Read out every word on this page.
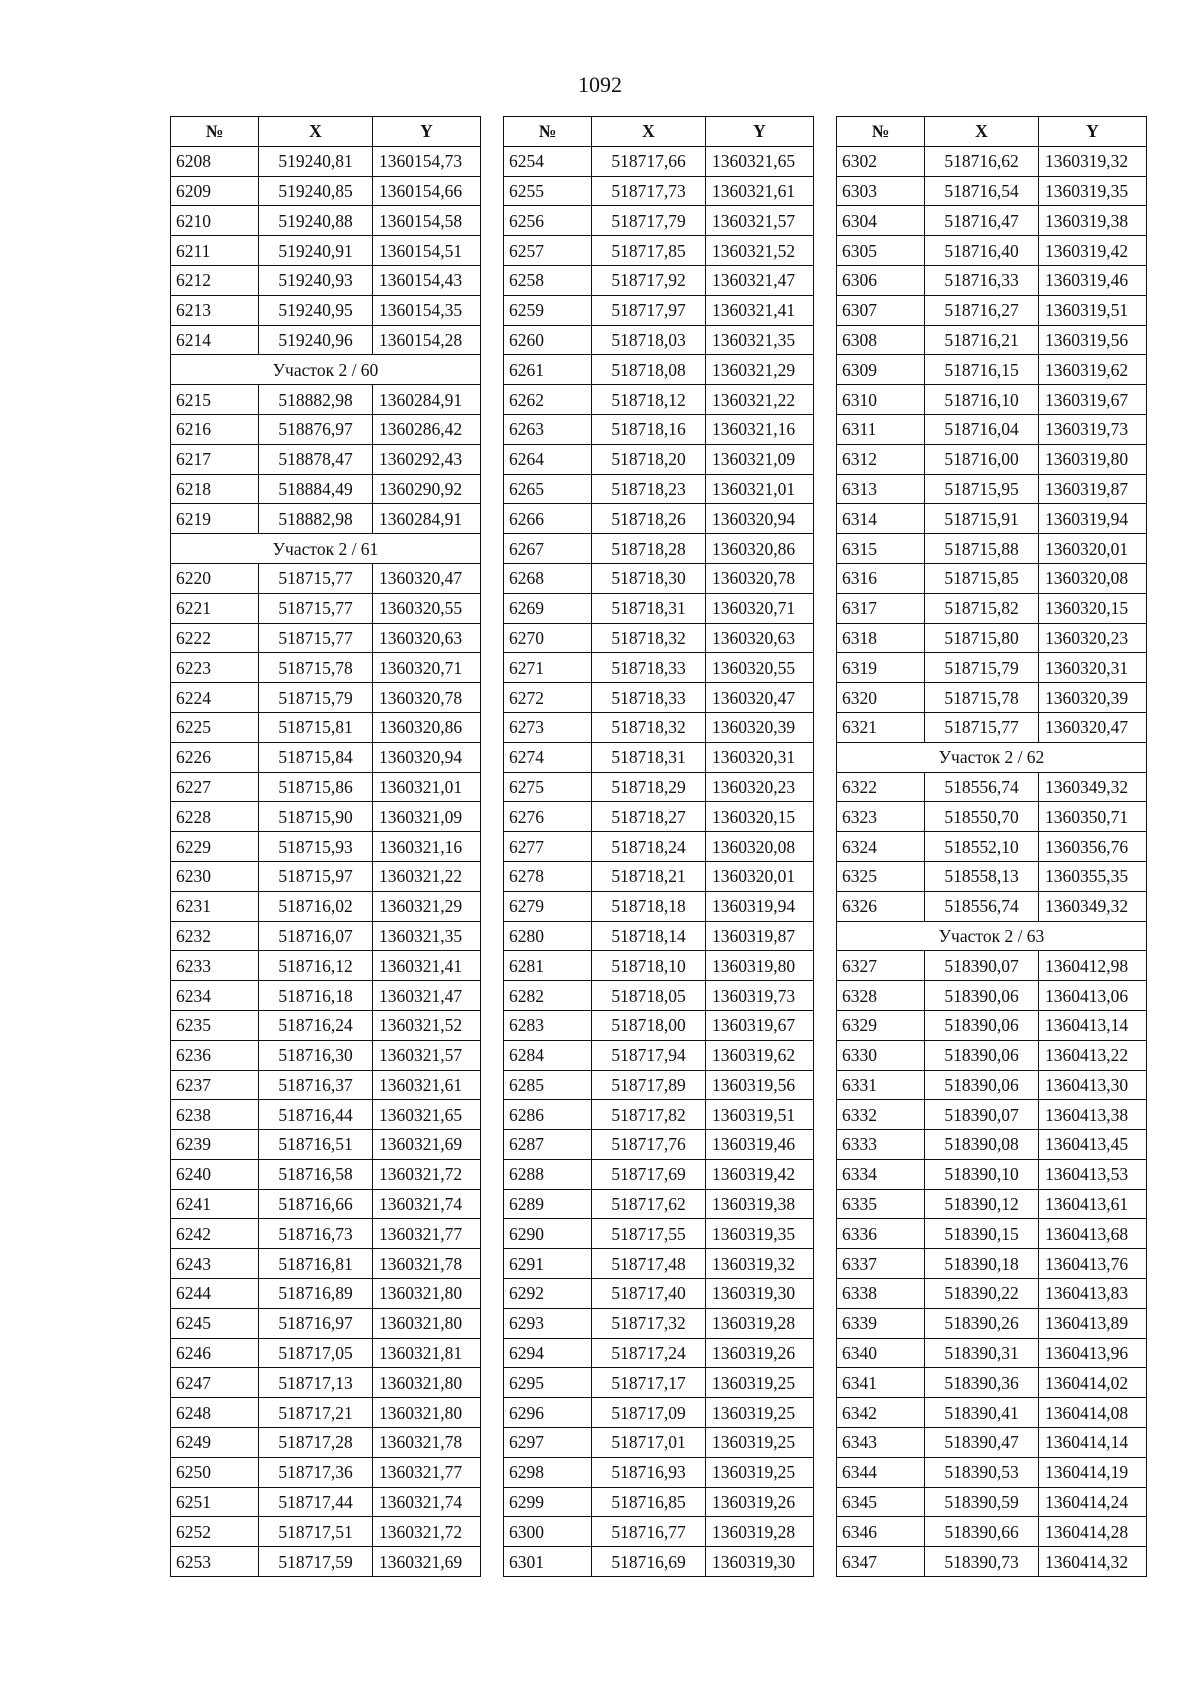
1092
№	X	Y
6208	519240,81	1360154,73
6209	519240,85	1360154,66
6210	519240,88	1360154,58
6211	519240,91	1360154,51
6212	519240,93	1360154,43
6213	519240,95	1360154,35
6214	519240,96	1360154,28
Участок 2 / 60		
6215	518882,98	1360284,91
6216	518876,97	1360286,42
6217	518878,47	1360292,43
6218	518884,49	1360290,92
6219	518882,98	1360284,91
Участок 2 / 61		
6220	518715,77	1360320,47
6221	518715,77	1360320,55
6222	518715,77	1360320,63
6223	518715,78	1360320,71
6224	518715,79	1360320,78
6225	518715,81	1360320,86
6226	518715,84	1360320,94
6227	518715,86	1360321,01
6228	518715,90	1360321,09
6229	518715,93	1360321,16
6230	518715,97	1360321,22
6231	518716,02	1360321,29
6232	518716,07	1360321,35
6233	518716,12	1360321,41
6234	518716,18	1360321,47
6235	518716,24	1360321,52
6236	518716,30	1360321,57
6237	518716,37	1360321,61
6238	518716,44	1360321,65
6239	518716,51	1360321,69
6240	518716,58	1360321,72
6241	518716,66	1360321,74
6242	518716,73	1360321,77
6243	518716,81	1360321,78
6244	518716,89	1360321,80
6245	518716,97	1360321,80
6246	518717,05	1360321,81
6247	518717,13	1360321,80
6248	518717,21	1360321,80
6249	518717,28	1360321,78
6250	518717,36	1360321,77
6251	518717,44	1360321,74
6252	518717,51	1360321,72
6253	518717,59	1360321,69
№	X	Y
6254	518717,66	1360321,65
6255	518717,73	1360321,61
6256	518717,79	1360321,57
6257	518717,85	1360321,52
6258	518717,92	1360321,47
6259	518717,97	1360321,41
6260	518718,03	1360321,35
6261	518718,08	1360321,29
6262	518718,12	1360321,22
6263	518718,16	1360321,16
6264	518718,20	1360321,09
6265	518718,23	1360321,01
6266	518718,26	1360320,94
6267	518718,28	1360320,86
6268	518718,30	1360320,78
6269	518718,31	1360320,71
6270	518718,32	1360320,63
6271	518718,33	1360320,55
6272	518718,33	1360320,47
6273	518718,32	1360320,39
6274	518718,31	1360320,31
6275	518718,29	1360320,23
6276	518718,27	1360320,15
6277	518718,24	1360320,08
6278	518718,21	1360320,01
6279	518718,18	1360319,94
6280	518718,14	1360319,87
6281	518718,10	1360319,80
6282	518718,05	1360319,73
6283	518718,00	1360319,67
6284	518717,94	1360319,62
6285	518717,89	1360319,56
6286	518717,82	1360319,51
6287	518717,76	1360319,46
6288	518717,69	1360319,42
6289	518717,62	1360319,38
6290	518717,55	1360319,35
6291	518717,48	1360319,32
6292	518717,40	1360319,30
6293	518717,32	1360319,28
6294	518717,24	1360319,26
6295	518717,17	1360319,25
6296	518717,09	1360319,25
6297	518717,01	1360319,25
6298	518716,93	1360319,25
6299	518716,85	1360319,26
6300	518716,77	1360319,28
6301	518716,69	1360319,30
№	X	Y
6302	518716,62	1360319,32
6303	518716,54	1360319,35
6304	518716,47	1360319,38
6305	518716,40	1360319,42
6306	518716,33	1360319,46
6307	518716,27	1360319,51
6308	518716,21	1360319,56
6309	518716,15	1360319,62
6310	518716,10	1360319,67
6311	518716,04	1360319,73
6312	518716,00	1360319,80
6313	518715,95	1360319,87
6314	518715,91	1360319,94
6315	518715,88	1360320,01
6316	518715,85	1360320,08
6317	518715,82	1360320,15
6318	518715,80	1360320,23
6319	518715,79	1360320,31
6320	518715,78	1360320,39
6321	518715,77	1360320,47
Участок 2 / 62		
6322	518556,74	1360349,32
6323	518550,70	1360350,71
6324	518552,10	1360356,76
6325	518558,13	1360355,35
6326	518556,74	1360349,32
Участок 2 / 63		
6327	518390,07	1360412,98
6328	518390,06	1360413,06
6329	518390,06	1360413,14
6330	518390,06	1360413,22
6331	518390,06	1360413,30
6332	518390,07	1360413,38
6333	518390,08	1360413,45
6334	518390,10	1360413,53
6335	518390,12	1360413,61
6336	518390,15	1360413,68
6337	518390,18	1360413,76
6338	518390,22	1360413,83
6339	518390,26	1360413,89
6340	518390,31	1360413,96
6341	518390,36	1360414,02
6342	518390,41	1360414,08
6343	518390,47	1360414,14
6344	518390,53	1360414,19
6345	518390,59	1360414,24
6346	518390,66	1360414,28
6347	518390,73	1360414,32
